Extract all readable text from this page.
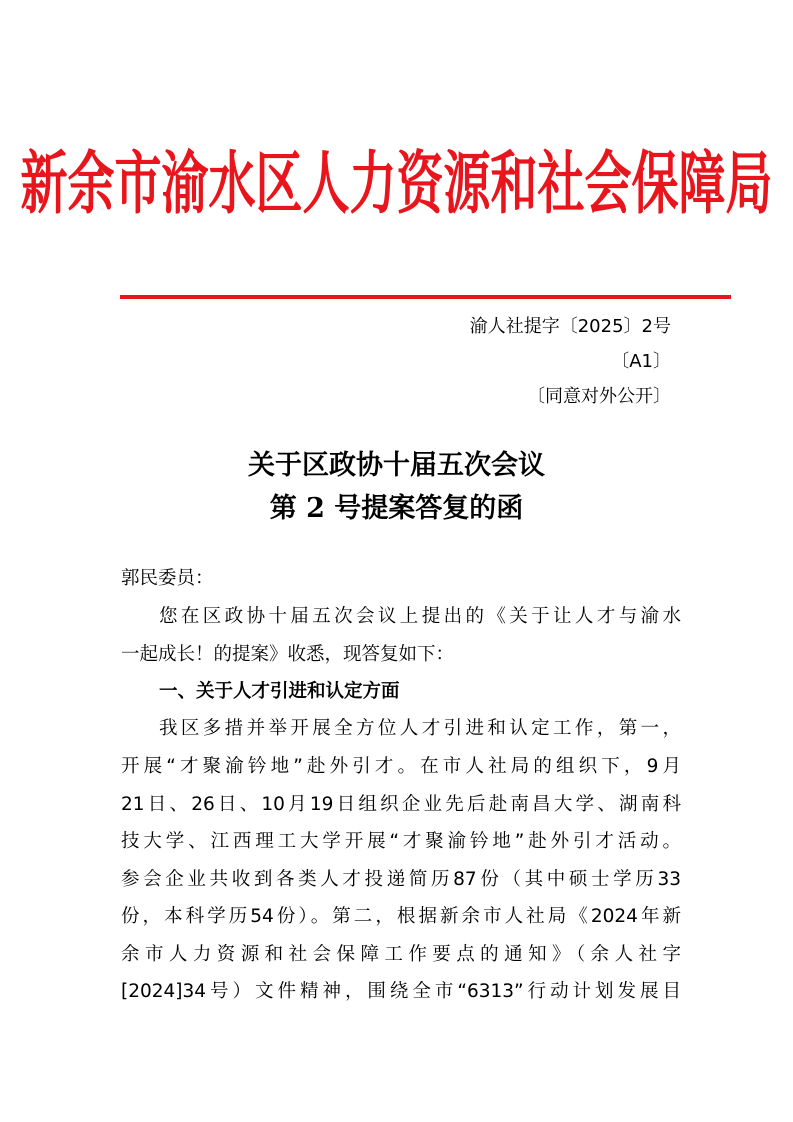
新余市渝水区人力资源和社会保障局
渝人社提字〔2025〕2号
〔A1〕
〔同意对外公开〕
关于区政协十届五次会议
第 2 号提案答复的函
郭民委员：
您在区政协十届五次会议上提出的《关于让人才与渝水
一起成长！的提案》收悉，现答复如下：
一、关于人才引进和认定方面
我区多措并举开展全方位人才引进和认定工作，第一，
开展“才聚渝钤地”赴外引才。在市人社局的组织下，9月
21日、26日、10月19日组织企业先后赴南昌大学、湖南科
技大学、江西理工大学开展“才聚渝钤地”赴外引才活动。
参会企业共收到各类人才投递简历87份（其中硕士学历33
份，本科学历54份）。第二，根据新余市人社局《2024年新
余市人力资源和社会保障工作要点的通知》（余人社字
[2024]34号）文件精神，围绕全市“6313”行动计划发展目
